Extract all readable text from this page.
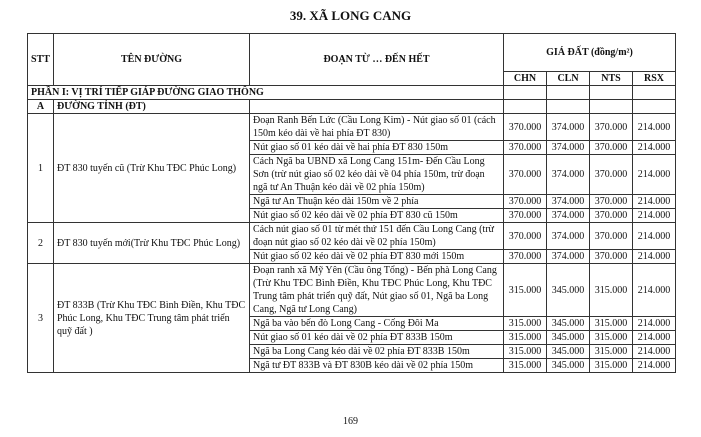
39. XÃ LONG CANG
STT	TÊN ĐƯỜNG	ĐOẠN TỪ … ĐẾN HẾT	GIÁ ĐẤT (đồng/m²)			
			CHN	CLN	NTS	RSX
PHẦN I: VỊ TRÍ TIẾP GIÁP ĐƯỜNG GIAO THÔNG						
A	ĐƯỜNG TỈNH (ĐT)					
1	ĐT 830 tuyến cũ (Trừ Khu TĐC Phúc Long)	Đoạn Ranh Bến Lức (Cầu Long Kim) - Nút giao số 01 (cách 150m kéo dài về hai phía ĐT 830)	370.000	374.000	370.000	214.000
		Nút giao số 01 kéo dài về hai phía ĐT 830 150m	370.000	374.000	370.000	214.000
		Cách Ngã ba UBND xã Long Cang 151m- Đến Cầu Long Sơn (trừ nút giao số 02 kéo dài về 04 phía 150m, trừ đoạn ngã tư An Thuận kéo dài về 02 phía 150m)	370.000	374.000	370.000	214.000
		Ngã tư An Thuận kéo dài 150m về 2 phía	370.000	374.000	370.000	214.000
		Nút giao số 02 kéo dài về 02 phía ĐT 830 cũ 150m	370.000	374.000	370.000	214.000
2	ĐT 830 tuyến mới(Trừ Khu TĐC Phúc Long)	Cách nút giao số 01 từ mét thứ 151 đến Cầu Long Cang (trừ đoạn nút giao số 02 kéo dài về 02 phía 150m)	370.000	374.000	370.000	214.000
		Nút giao số 02 kéo dài về 02 phía ĐT 830 mới 150m	370.000	374.000	370.000	214.000
3	ĐT 833B (Trừ Khu TĐC Bình Điền, Khu TĐC Phúc Long, Khu TĐC Trung tâm phát triển quỹ đất )	Đoạn ranh xã Mỹ Yên (Cầu ông Tổng) - Bến phà Long Cang (Trừ Khu TĐC Bình Điền, Khu TĐC Phúc Long, Khu TĐC Trung tâm phát triển quỹ đất, Nút giao số 01, Ngã ba Long Cang, Ngã tư Long Cang)	315.000	345.000	315.000	214.000
		Ngã ba vào bến đò Long Cang - Cống Đôi Ma	315.000	345.000	315.000	214.000
		Nút giao số 01 kéo dài về 02 phía ĐT 833B 150m	315.000	345.000	315.000	214.000
		Ngã ba Long Cang kéo dài về 02 phía ĐT 833B 150m	315.000	345.000	315.000	214.000
		Ngã tư ĐT 833B và ĐT 830B kéo dài về 02 phía 150m	315.000	345.000	315.000	214.000
169
